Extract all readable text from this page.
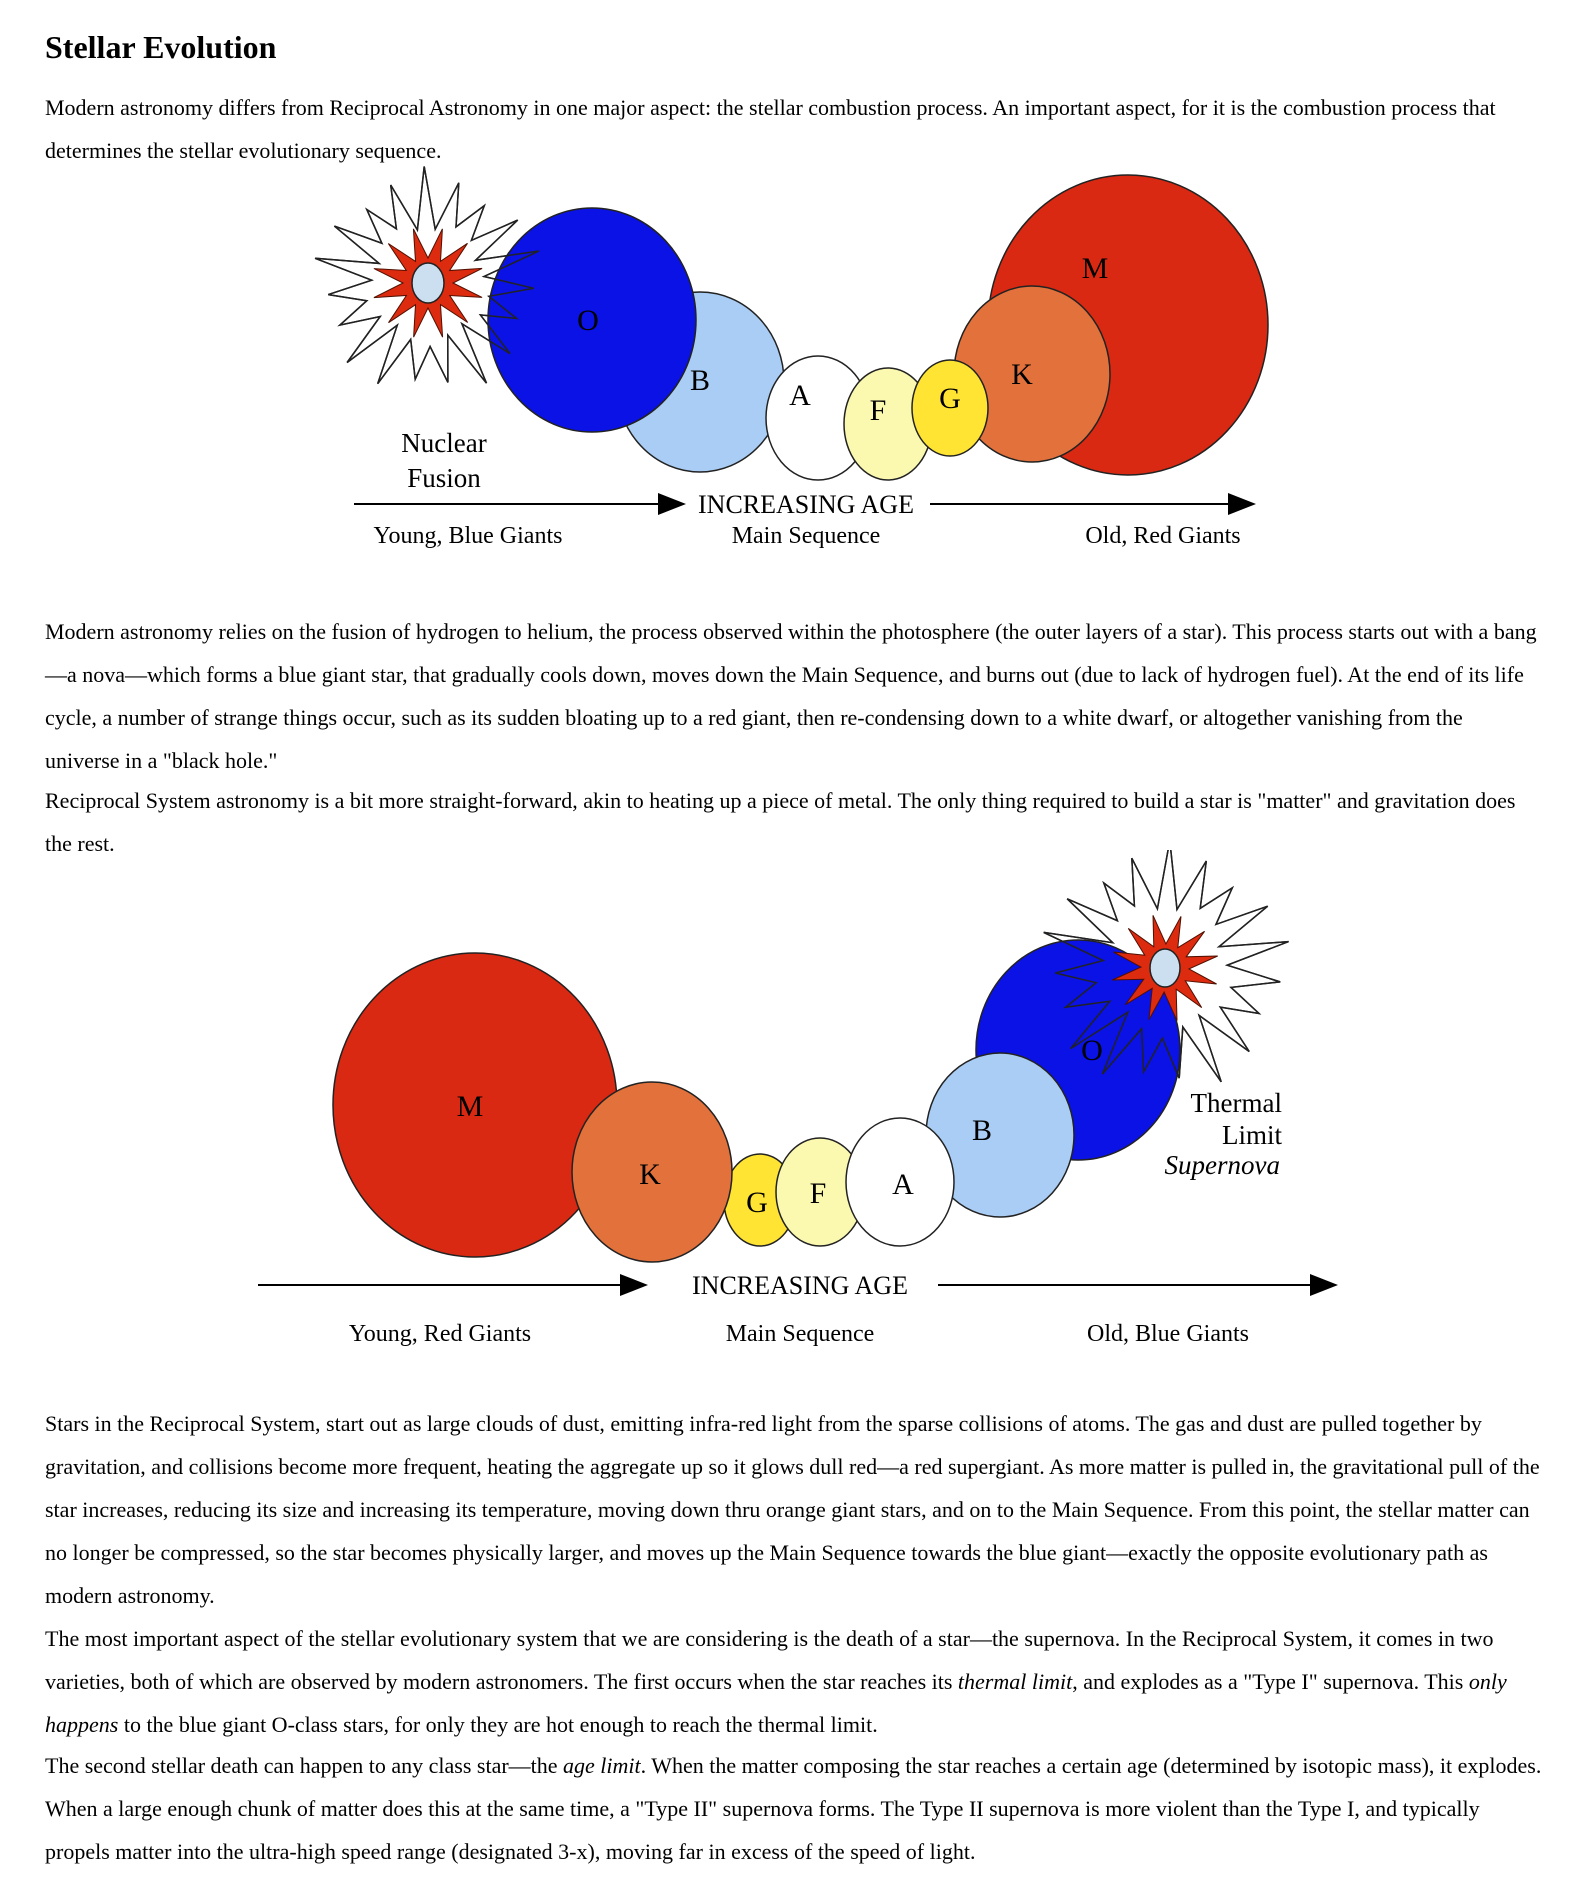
Stellar Evolution

Modern astronomy differs from Reciprocal Astronomy in one major aspect: the stellar combustion process. An important aspect, for it is the combustion process that determines the stellar evolutionary sequence.

O
B	A F G
K
M
Nuclear
Fusion
INCREASING AGE
Young, Blue Giants	Main Sequence	Old, Red Giants

Modern astronomy relies on the fusion of hydrogen to helium, the process observed within the photosphere (the outer layers of a star). This process starts out with a bang—a nova—which forms a blue giant star, that gradually cools down, moves down the Main Sequence, and burns out (due to lack of hydrogen fuel). At the end of its life cycle, a number of strange things occur, such as its sudden bloating up to a red giant, then re-condensing down to a white dwarf, or altogether vanishing from the universe in a "black hole."

Reciprocal System astronomy is a bit more straight-forward, akin to heating up a piece of metal. The only thing required to build a star is "matter" and gravitation does the rest.

M
K
G F A
B
O
Thermal
Limit
Supernova
INCREASING AGE
Young, Red Giants	Main Sequence	Old, Blue Giants

Stars in the Reciprocal System, start out as large clouds of dust, emitting infra-red light from the sparse collisions of atoms. The gas and dust are pulled together by gravitation, and collisions become more frequent, heating the aggregate up so it glows dull red—a red supergiant. As more matter is pulled in, the gravitational pull of the star increases, reducing its size and increasing its temperature, moving down thru orange giant stars, and on to the Main Sequence. From this point, the stellar matter can no longer be compressed, so the star becomes physically larger, and moves up the Main Sequence towards the blue giant—exactly the opposite evolutionary path as modern astronomy.

The most important aspect of the stellar evolutionary system that we are considering is the death of a star—the supernova. In the Reciprocal System, it comes in two varieties, both of which are observed by modern astronomers. The first occurs when the star reaches its thermal limit, and explodes as a "Type I" supernova. This only happens to the blue giant O-class stars, for only they are hot enough to reach the thermal limit.

The second stellar death can happen to any class star—the age limit. When the matter composing the star reaches a certain age (determined by isotopic mass), it explodes. When a large enough chunk of matter does this at the same time, a "Type II" supernova forms. The Type II supernova is more violent than the Type I, and typically propels matter into the ultra-high speed range (designated 3-x), moving far in excess of the speed of light.
